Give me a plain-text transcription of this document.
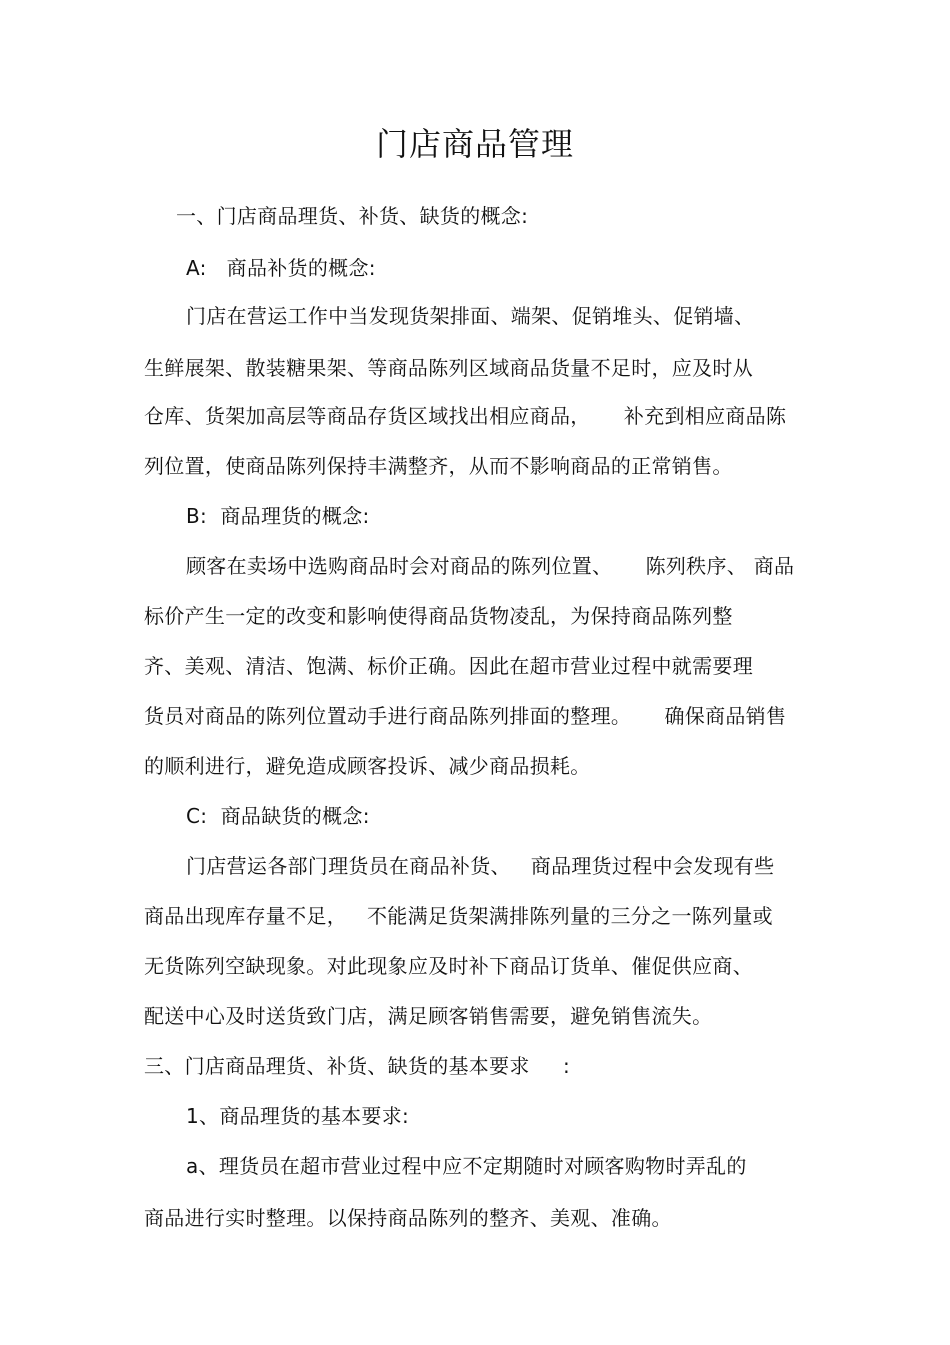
门店商品管理
一、门店商品理货、补货、缺货的概念:
A:   商品补货的概念:
门店在营运工作中当发现货架排面、端架、促销堆头、促销墙、
生鲜展架、散装糖果架、等商品陈列区域商品货量不足时，应及时从
仓库、货架加高层等商品存货区域找出相应商品，     补充到相应商品陈
列位置，使商品陈列保持丰满整齐，从而不影响商品的正常销售。
B:  商品理货的概念:
顾客在卖场中选购商品时会对商品的陈列位置、     陈列秩序、 商品
标价产生一定的改变和影响使得商品货物凌乱，为保持商品陈列整
齐、美观、清洁、饱满、标价正确。因此在超市营业过程中就需要理
货员对商品的陈列位置动手进行商品陈列排面的整理。     确保商品销售
的顺利进行，避免造成顾客投诉、减少商品损耗。
C:  商品缺货的概念:
门店营运各部门理货员在商品补货、   商品理货过程中会发现有些
商品出现库存量不足，   不能满足货架满排陈列量的三分之一陈列量或
无货陈列空缺现象。对此现象应及时补下商品订货单、催促供应商、
配送中心及时送货致门店，满足顾客销售需要，避免销售流失。
三、门店商品理货、补货、缺货的基本要求     :
1、商品理货的基本要求:
a、理货员在超市营业过程中应不定期随时对顾客购物时弄乱的
商品进行实时整理。以保持商品陈列的整齐、美观、准确。
